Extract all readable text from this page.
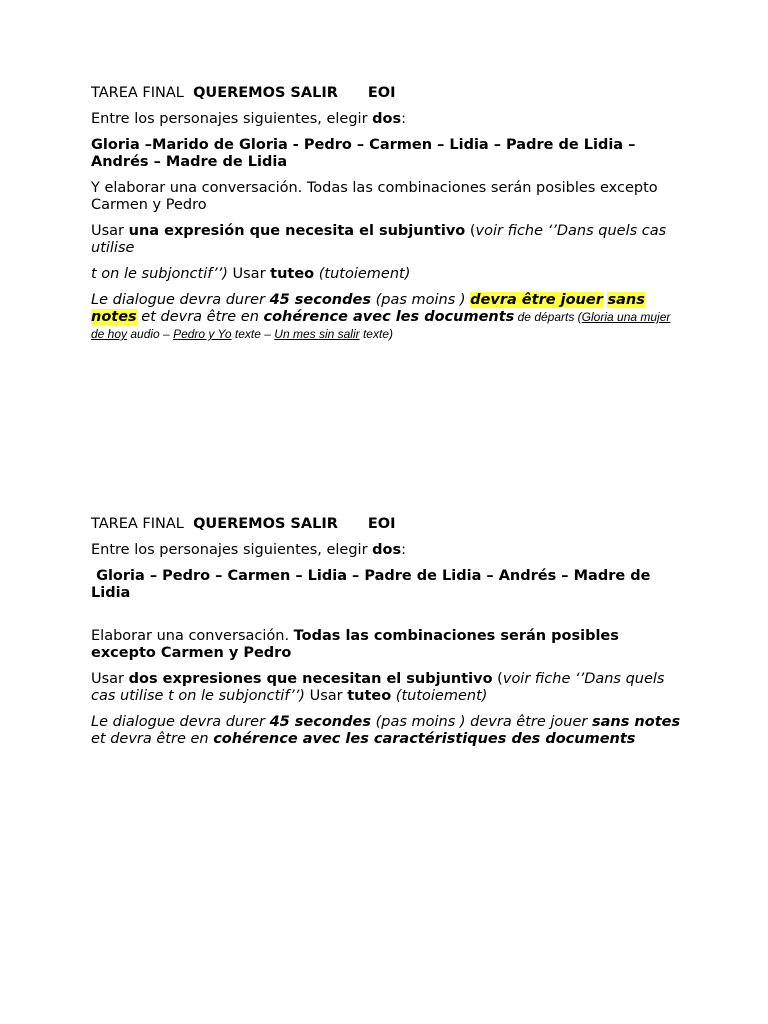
TAREA FINAL QUEREMOS SALIR EOI

Entre los personajes siguientes, elegir dos:

Gloria –Marido de Gloria - Pedro – Carmen – Lidia – Padre de Lidia – Andrés – Madre de Lidia

Y elaborar una conversación. Todas las combinaciones serán posibles excepto Carmen y Pedro

Usar una expresión que necesita el subjuntivo (voir fiche ‘’Dans quels cas utilise

t on le subjonctif’’) Usar tuteo (tutoiement)

Le dialogue devra durer 45 secondes (pas moins ) devra être jouer sans notes et devra être en cohérence avec les documents de départs (Gloria una mujer de hoy audio – Pedro y Yo texte – Un mes sin salir texte)

TAREA FINAL QUEREMOS SALIR EOI

Entre los personajes siguientes, elegir dos:

Gloria – Pedro – Carmen – Lidia – Padre de Lidia – Andrés – Madre de Lidia

Elaborar una conversación. Todas las combinaciones serán posibles excepto Carmen y Pedro

Usar dos expresiones que necesitan el subjuntivo (voir fiche ‘’Dans quels cas utilise t on le subjonctif’’) Usar tuteo (tutoiement)

Le dialogue devra durer 45 secondes (pas moins ) devra être jouer sans notes et devra être en cohérence avec les caractéristiques des documents
